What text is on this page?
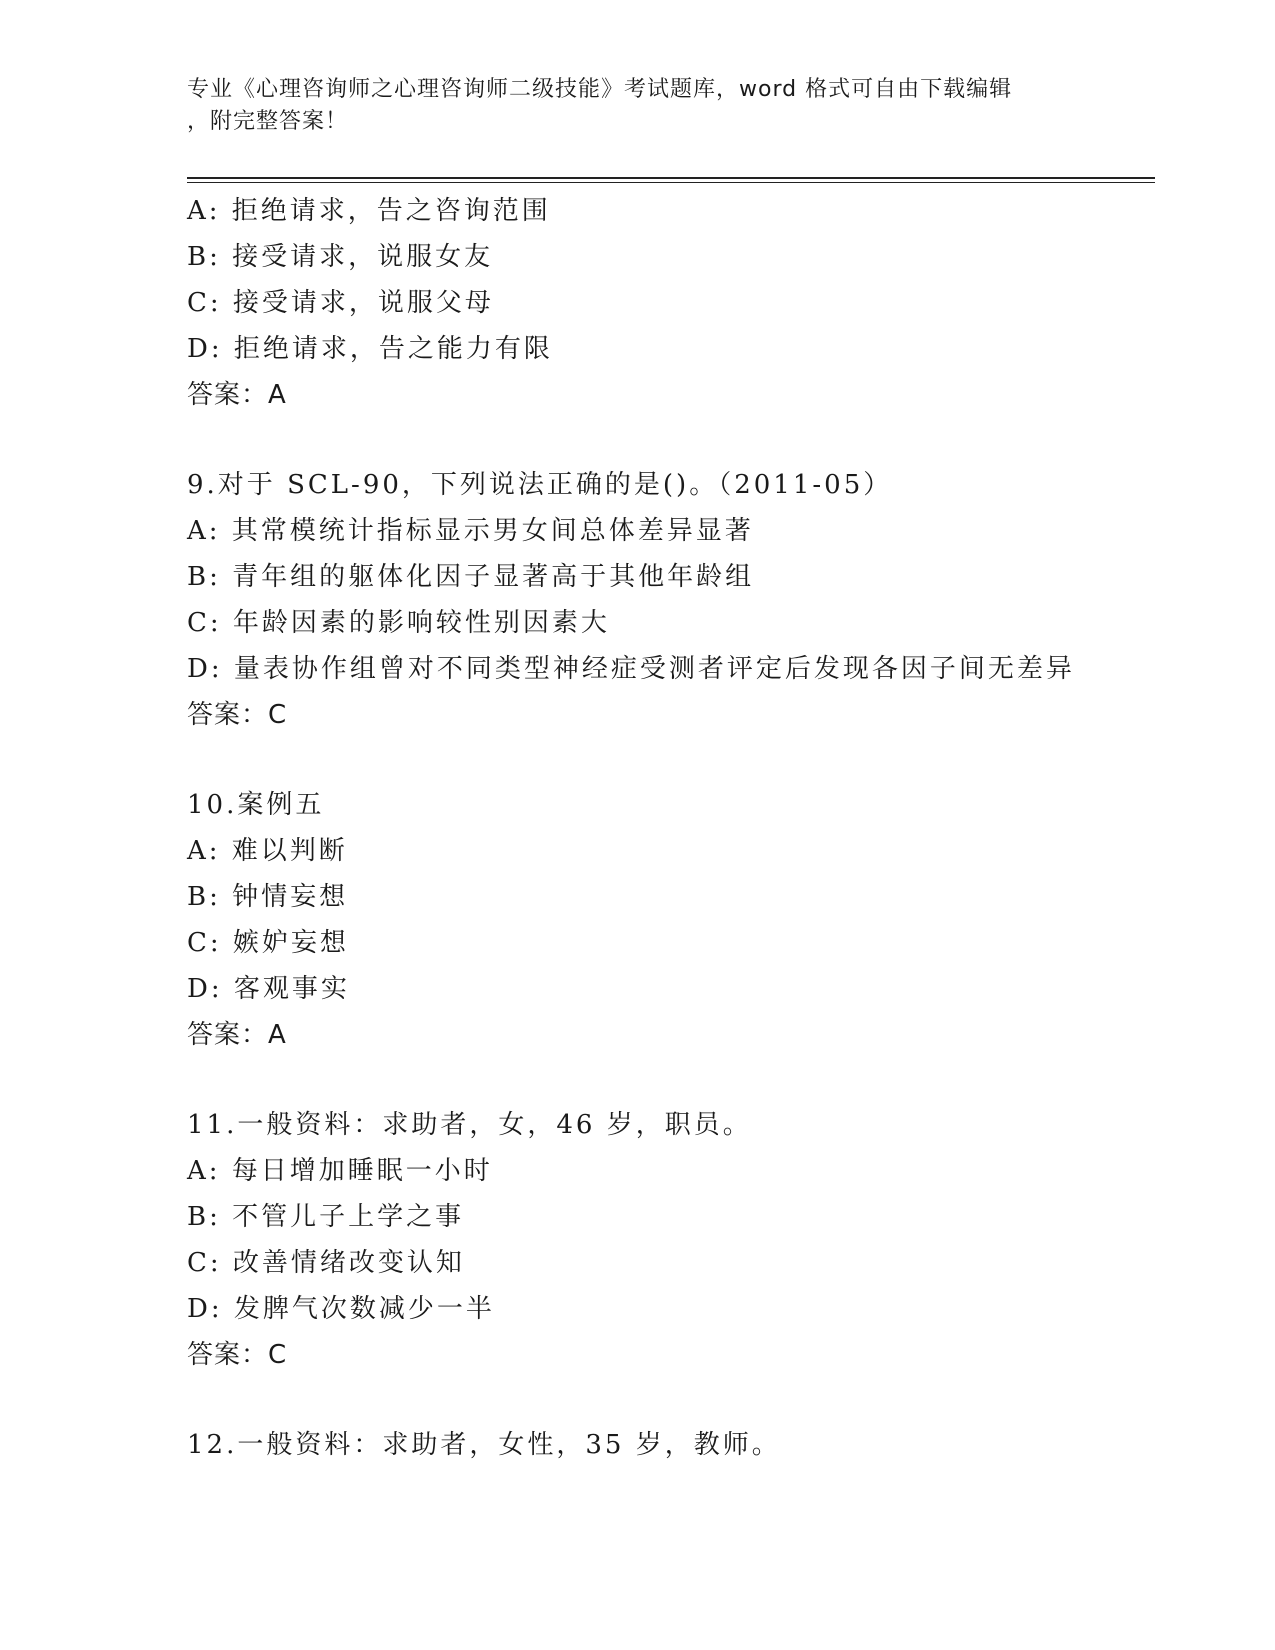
专业《心理咨询师之心理咨询师二级技能》考试题库，word 格式可自由下载编辑
，附完整答案！
A: 拒绝请求，告之咨询范围
B: 接受请求，说服女友
C: 接受请求，说服父母
D: 拒绝请求，告之能力有限
答案：A
9.对于 SCL-90，下列说法正确的是()。（2011-05）
A: 其常模统计指标显示男女间总体差异显著
B: 青年组的躯体化因子显著高于其他年龄组
C: 年龄因素的影响较性别因素大
D: 量表协作组曾对不同类型神经症受测者评定后发现各因子间无差异
答案：C
10.案例五
A: 难以判断
B: 钟情妄想
C: 嫉妒妄想
D: 客观事实
答案：A
11.一般资料：求助者，女，46 岁，职员。
A: 每日增加睡眠一小时
B: 不管儿子上学之事
C: 改善情绪改变认知
D: 发脾气次数减少一半
答案：C
12.一般资料：求助者，女性，35 岁，教师。
